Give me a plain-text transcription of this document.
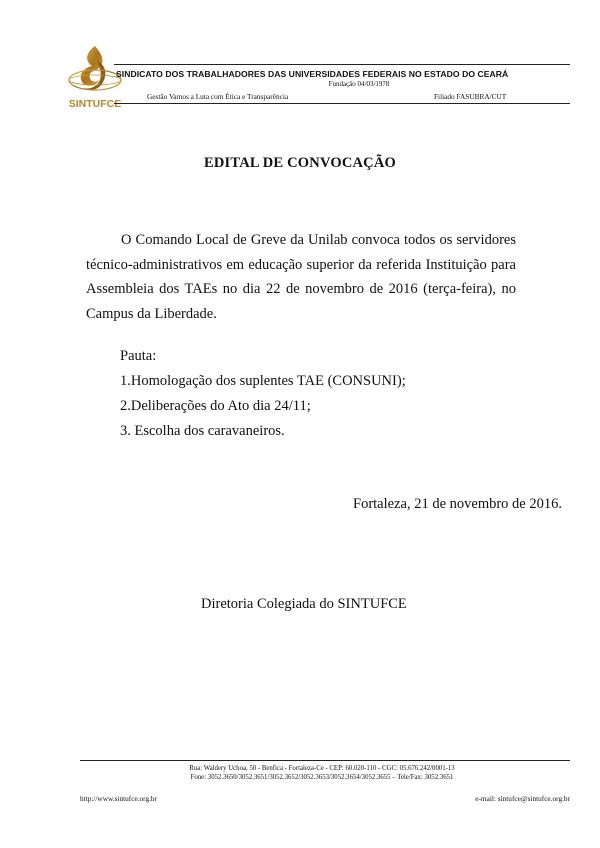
SINTUFCE
SINDICATO DOS TRABALHADORES DAS UNIVERSIDADES FEDERAIS NO ESTADO DO CEARÁ
Fundação 04/03/1978
Gestão Vamos a Luta com Ética e Transparência	Filiado FASUBRA/CUT
EDITAL DE CONVOCAÇÃO

O Comando Local de Greve da Unilab convoca todos os servidores técnico-administrativos em educação superior da referida Instituição para Assembleia dos TAEs no dia 22 de novembro de 2016 (terça-feira), no Campus da Liberdade.

Pauta:
1.Homologação dos suplentes TAE (CONSUNI);
2.Deliberações do Ato dia 24/11;
3. Escolha dos caravaneiros.
Fortaleza, 21 de novembro de 2016.
Diretoria Colegiada do SINTUFCE
Rua: Waldery Uchoa, 50 - Benfica - Fortaleza-Ce - CEP: 60.020-110 - CGC: 05.676.242/0001-13
Fone: 3052.3650/3052.3651/3052.3652/3052.3653/3052.3654/3052.3655 – Tele/Fax: 3052.3651
http://www.sintufce.org.br	e-mail: sintufce@sintufce.org.br
